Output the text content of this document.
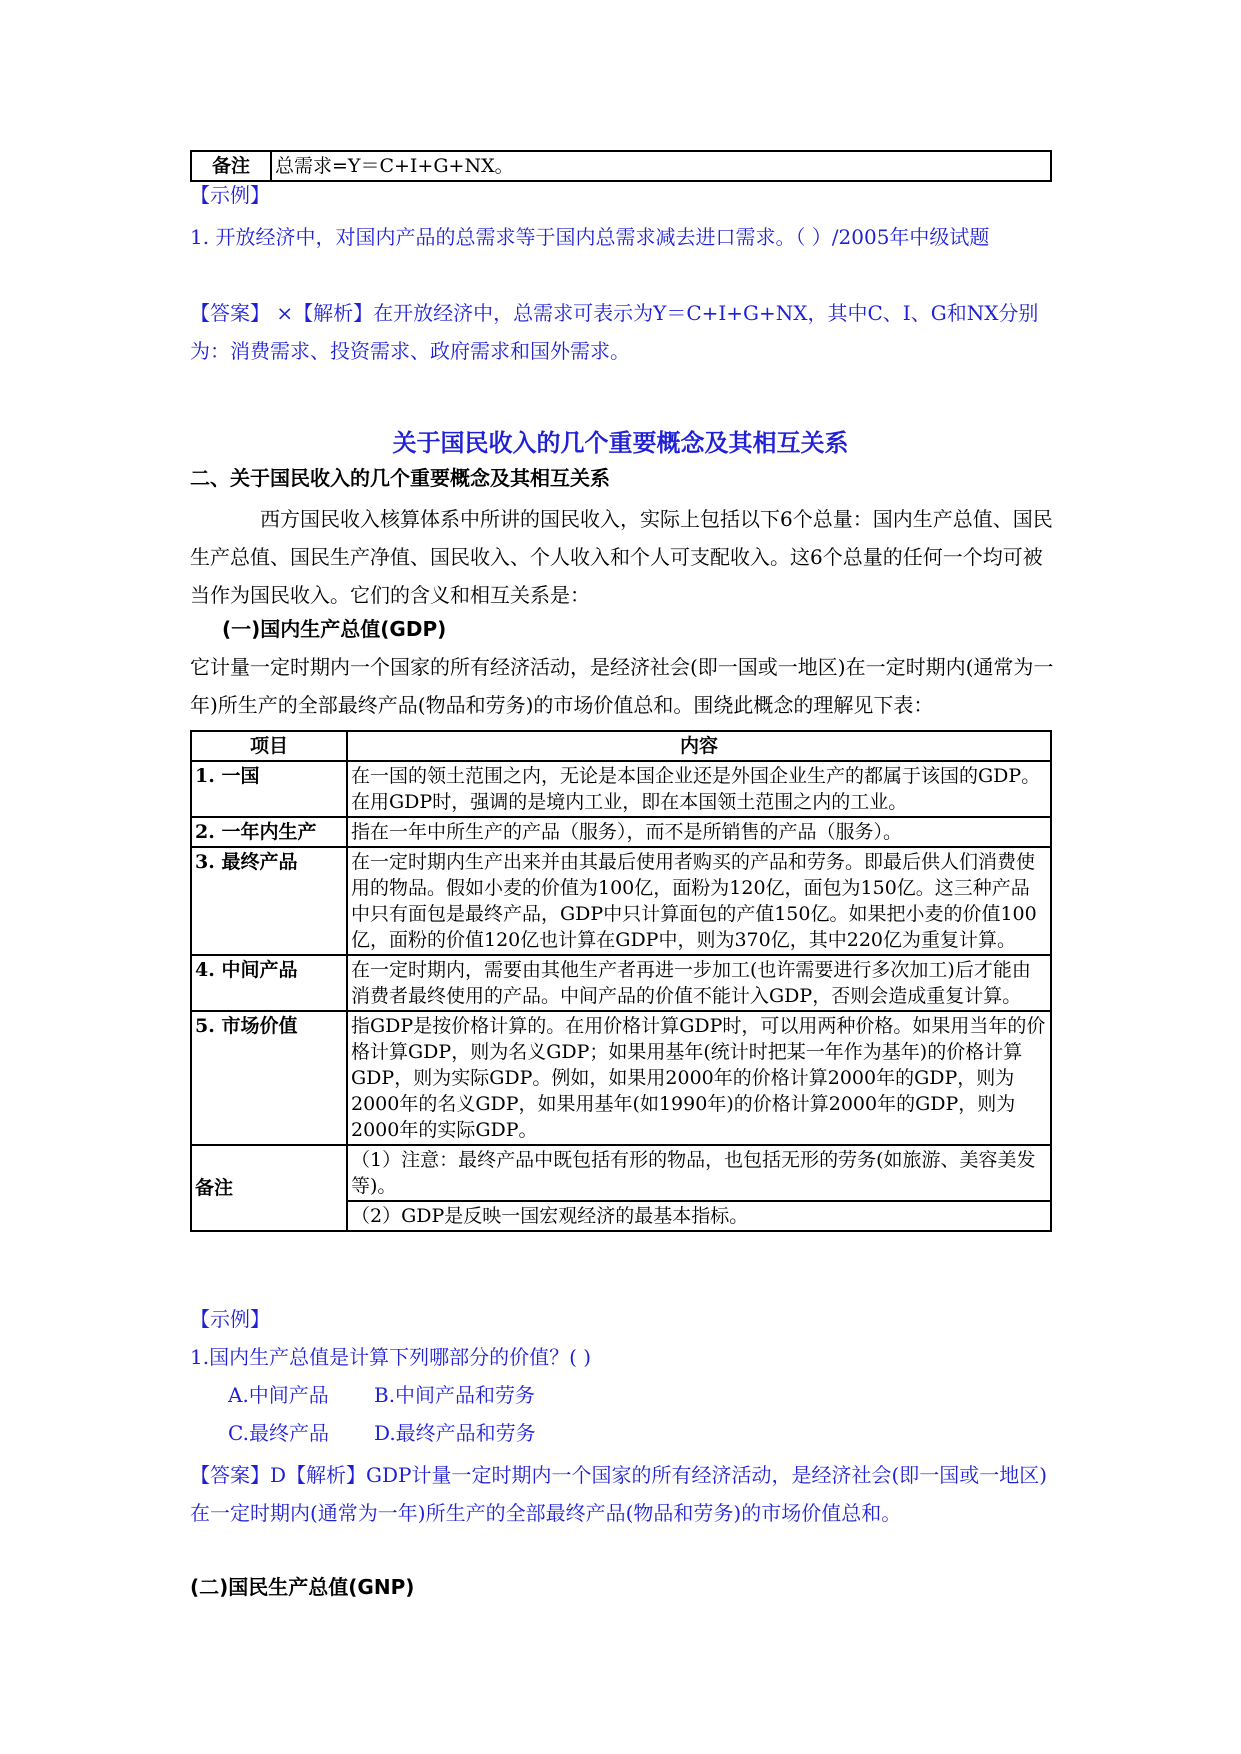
备注	总需求=Y＝C+I+G+NX。
【示例】
1. 开放经济中，对国内产品的总需求等于国内总需求减去进口需求。（ ）/2005年中级试题
【答案】 ×【解析】在开放经济中，总需求可表示为Y＝C+I+G+NX，其中C、I、G和NX分别为：消费需求、投资需求、政府需求和国外需求。
关于国民收入的几个重要概念及其相互关系
二、关于国民收入的几个重要概念及其相互关系
西方国民收入核算体系中所讲的国民收入，实际上包括以下6个总量：国内生产总值、国民生产总值、国民生产净值、国民收入、个人收入和个人可支配收入。这6个总量的任何一个均可被当作为国民收入。它们的含义和相互关系是：
(一)国内生产总值(GDP)
它计量一定时期内一个国家的所有经济活动，是经济社会(即一国或一地区)在一定时期内(通常为一年)所生产的全部最终产品(物品和劳务)的市场价值总和。围绕此概念的理解见下表：
项目	内容
1. 一国	在一国的领土范围之内，无论是本国企业还是外国企业生产的都属于该国的GDP。在用GDP时，强调的是境内工业，即在本国领土范围之内的工业。
2. 一年内生产	指在一年中所生产的产品（服务），而不是所销售的产品（服务）。
3. 最终产品	在一定时期内生产出来并由其最后使用者购买的产品和劳务。即最后供人们消费使用的物品。假如小麦的价值为100亿，面粉为120亿，面包为150亿。这三种产品中只有面包是最终产品，GDP中只计算面包的产值150亿。如果把小麦的价值100亿，面粉的价值120亿也计算在GDP中，则为370亿，其中220亿为重复计算。
4. 中间产品	在一定时期内，需要由其他生产者再进一步加工(也许需要进行多次加工)后才能由消费者最终使用的产品。中间产品的价值不能计入GDP，否则会造成重复计算。
5. 市场价值	指GDP是按价格计算的。在用价格计算GDP时，可以用两种价格。如果用当年的价格计算GDP，则为名义GDP；如果用基年(统计时把某一年作为基年)的价格计算GDP，则为实际GDP。例如，如果用2000年的价格计算2000年的GDP，则为2000年的名义GDP，如果用基年(如1990年)的价格计算2000年的GDP，则为2000年的实际GDP。
备注	（1）注意：最终产品中既包括有形的物品，也包括无形的劳务(如旅游、美容美发等)。
	（2）GDP是反映一国宏观经济的最基本指标。
【示例】
1.国内生产总值是计算下列哪部分的价值？( )
A.中间产品 B.中间产品和劳务
C.最终产品 D.最终产品和劳务
【答案】D【解析】GDP计量一定时期内一个国家的所有经济活动，是经济社会(即一国或一地区)在一定时期内(通常为一年)所生产的全部最终产品(物品和劳务)的市场价值总和。
(二)国民生产总值(GNP)
